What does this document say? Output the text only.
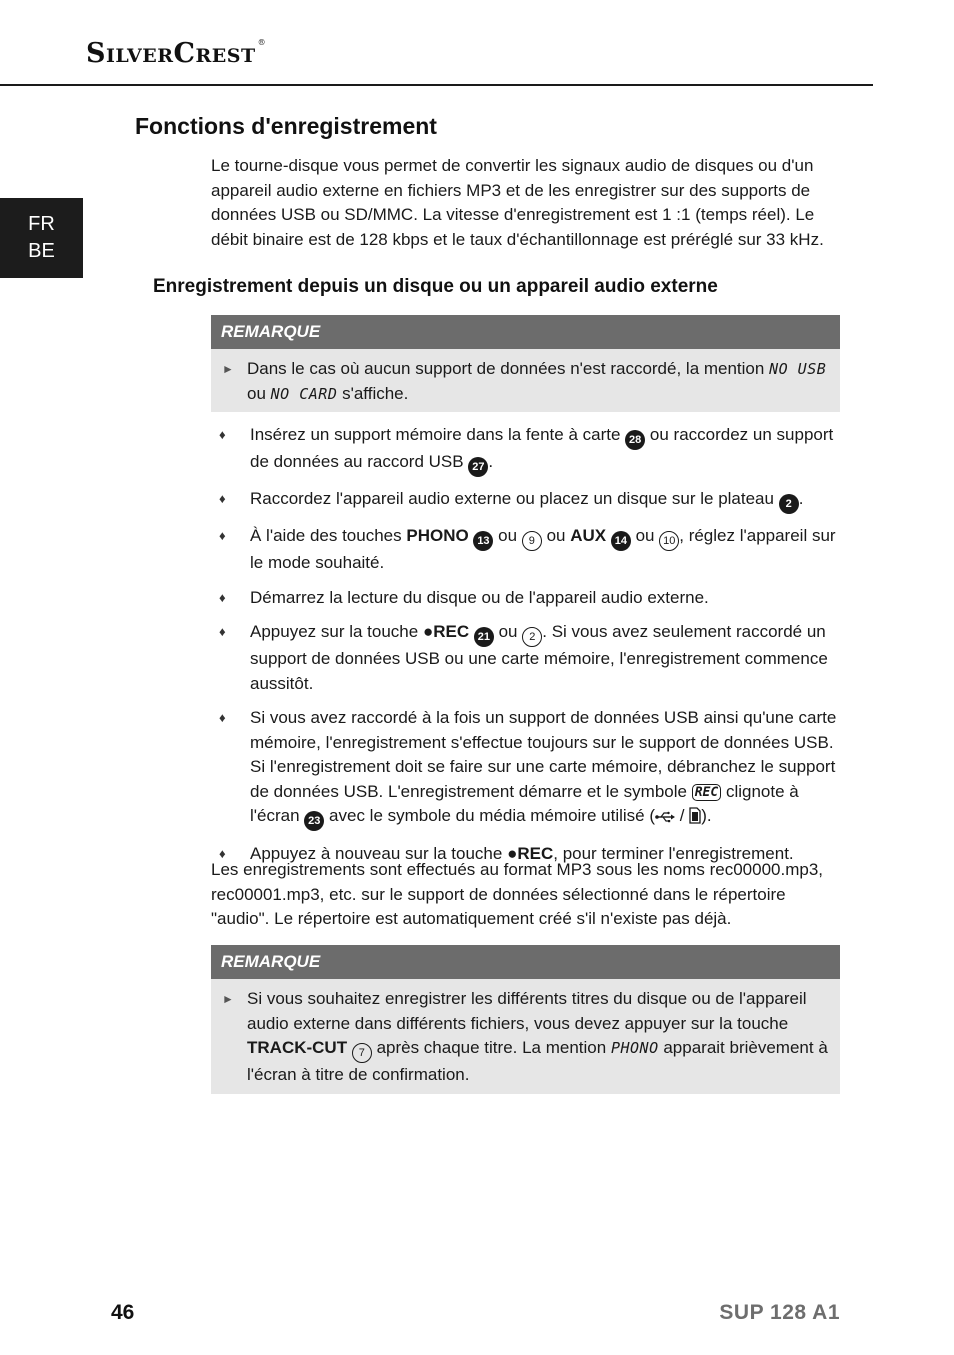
SilverCrest ®
FR
BE
Fonctions d'enregistrement

Le tourne-disque vous permet de convertir les signaux audio de disques ou d'un appareil audio externe en fichiers MP3 et de les enregistrer sur des supports de données USB ou SD/MMC. La vitesse d'enregistrement est 1 :1 (temps réel). Le débit binaire est de 128 kbps et le taux d'échantillonnage est préréglé sur 33 kHz.

Enregistrement depuis un disque ou un appareil audio externe
REMARQUE
► Dans le cas où aucun support de données n'est raccordé, la mention NO USB ou NO CARD s'affiche.
♦ Insérez un support mémoire dans la fente à carte 28 ou raccordez un support de données au raccord USB 27 .
♦ Raccordez l'appareil audio externe ou placez un disque sur le plateau 2 .
♦ À l'aide des touches PHONO 13 ou 9 ou AUX 14 ou 10 , réglez l'appareil sur le mode souhaité.
♦ Démarrez la lecture du disque ou de l'appareil audio externe.
♦ Appuyez sur la touche ●REC 21 ou 2 . Si vous avez seulement raccordé un support de données USB ou une carte mémoire, l'enregistrement commence aussitôt.
♦ Si vous avez raccordé à la fois un support de données USB ainsi qu'une carte mémoire, l'enregistrement s'effectue toujours sur le support de données USB. Si l'enregistrement doit se faire sur une carte mémoire, débranchez le support de données USB. L'enregistrement démarre et le symbole REC clignote à l'écran 23 avec le symbole du média mémoire utilisé ( / ).
♦ Appuyez à nouveau sur la touche ●REC, pour terminer l'enregistrement.

Les enregistrements sont effectués au format MP3 sous les noms rec00000.mp3, rec00001.mp3, etc. sur le support de données sélectionné dans le répertoire "audio". Le répertoire est automatiquement créé s'il n'existe pas déjà.

REMARQUE
► Si vous souhaitez enregistrer les différents titres du disque ou de l'appareil audio externe dans différents fichiers, vous devez appuyer sur la touche TRACK-CUT 7 après chaque titre. La mention PHONO apparait brièvement à l'écran à titre de confirmation.
46	SUP 128 A1
